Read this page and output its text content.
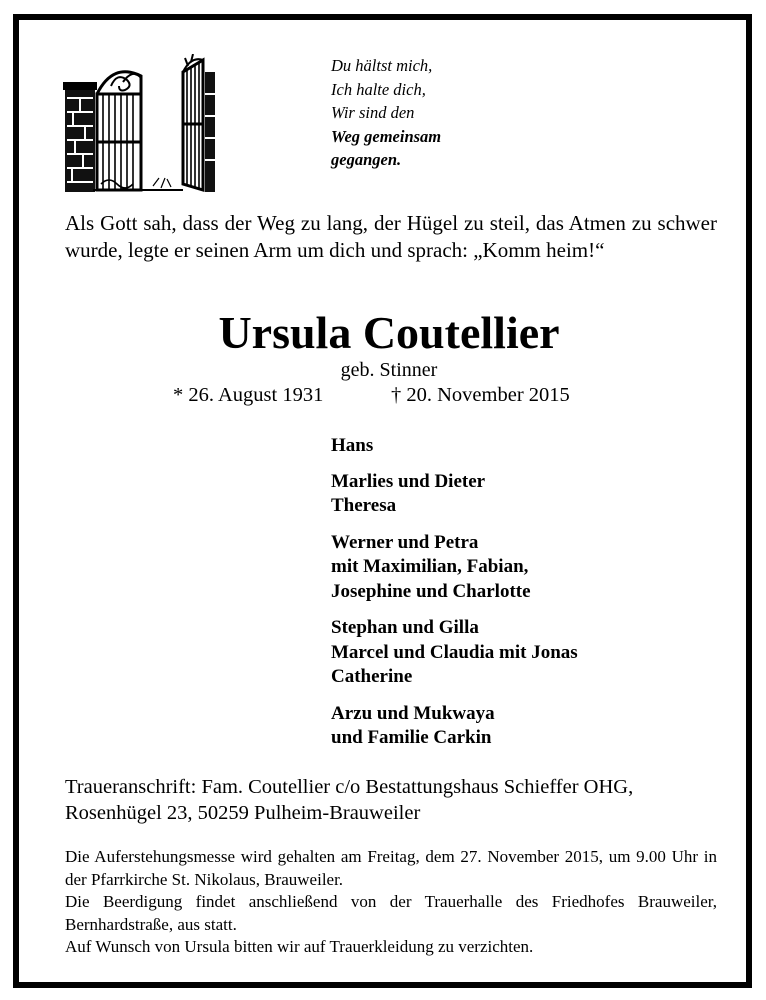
Du hältst mich,
Ich halte dich,
Wir sind den
Weg gemeinsam
gegangen.
Als Gott sah, dass der Weg zu lang, der Hügel zu steil, das Atmen zu schwer wurde, legte er seinen Arm um dich und sprach: „Komm heim!“
Ursula Coutellier
geb. Stinner
* 26. August 1931	† 20. November 2015
Hans
Marlies und Dieter
Theresa
Werner und Petra
mit Maximilian, Fabian,
Josephine und Charlotte
Stephan und Gilla
Marcel und Claudia mit Jonas
Catherine
Arzu und Mukwaya
und Familie Carkin
Traueranschrift: Fam. Coutellier c/o Bestattungshaus Schieffer OHG,
Rosenhügel 23, 50259 Pulheim-Brauweiler
Die Auferstehungsmesse wird gehalten am Freitag, dem 27. November 2015, um 9.00 Uhr in der Pfarrkirche St. Nikolaus, Brauweiler.
Die Beerdigung findet anschließend von der Trauerhalle des Friedhofes Brauweiler, Bernhardstraße, aus statt.
Auf Wunsch von Ursula bitten wir auf Trauerkleidung zu verzichten.
